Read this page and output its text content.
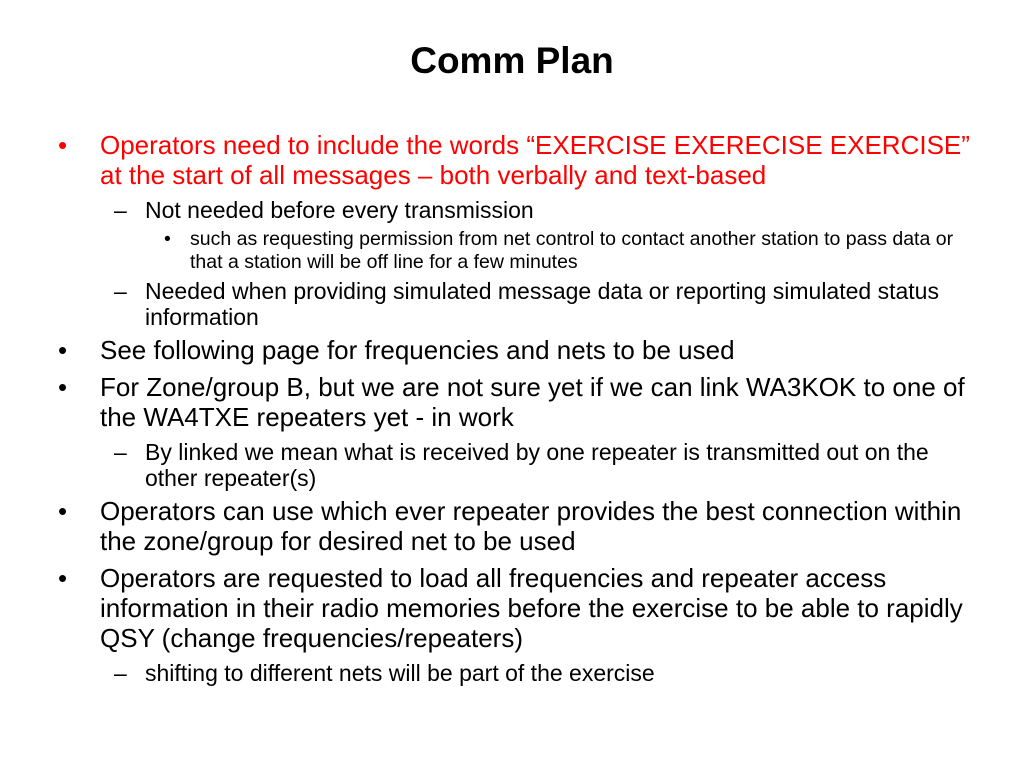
Comm Plan
• Operators need to include the words “EXERCISE EXERECISE EXERCISE” at the start of all messages – both verbally and text-based
– Not needed before every transmission
• such as requesting permission from net control to contact another station to pass data or that a station will be off line for a few minutes
– Needed when providing simulated message data or reporting simulated status information
• See following page for frequencies and nets to be used
• For Zone/group B, but we are not sure yet if we can link WA3KOK to one of the WA4TXE repeaters yet - in work
– By linked we mean what is received by one repeater is transmitted out on the other repeater(s)
• Operators can use which ever repeater provides the best connection within the zone/group for desired net to be used
• Operators are requested to load all frequencies and repeater access information in their radio memories before the exercise to be able to rapidly QSY (change frequencies/repeaters)
– shifting to different nets will be part of the exercise
